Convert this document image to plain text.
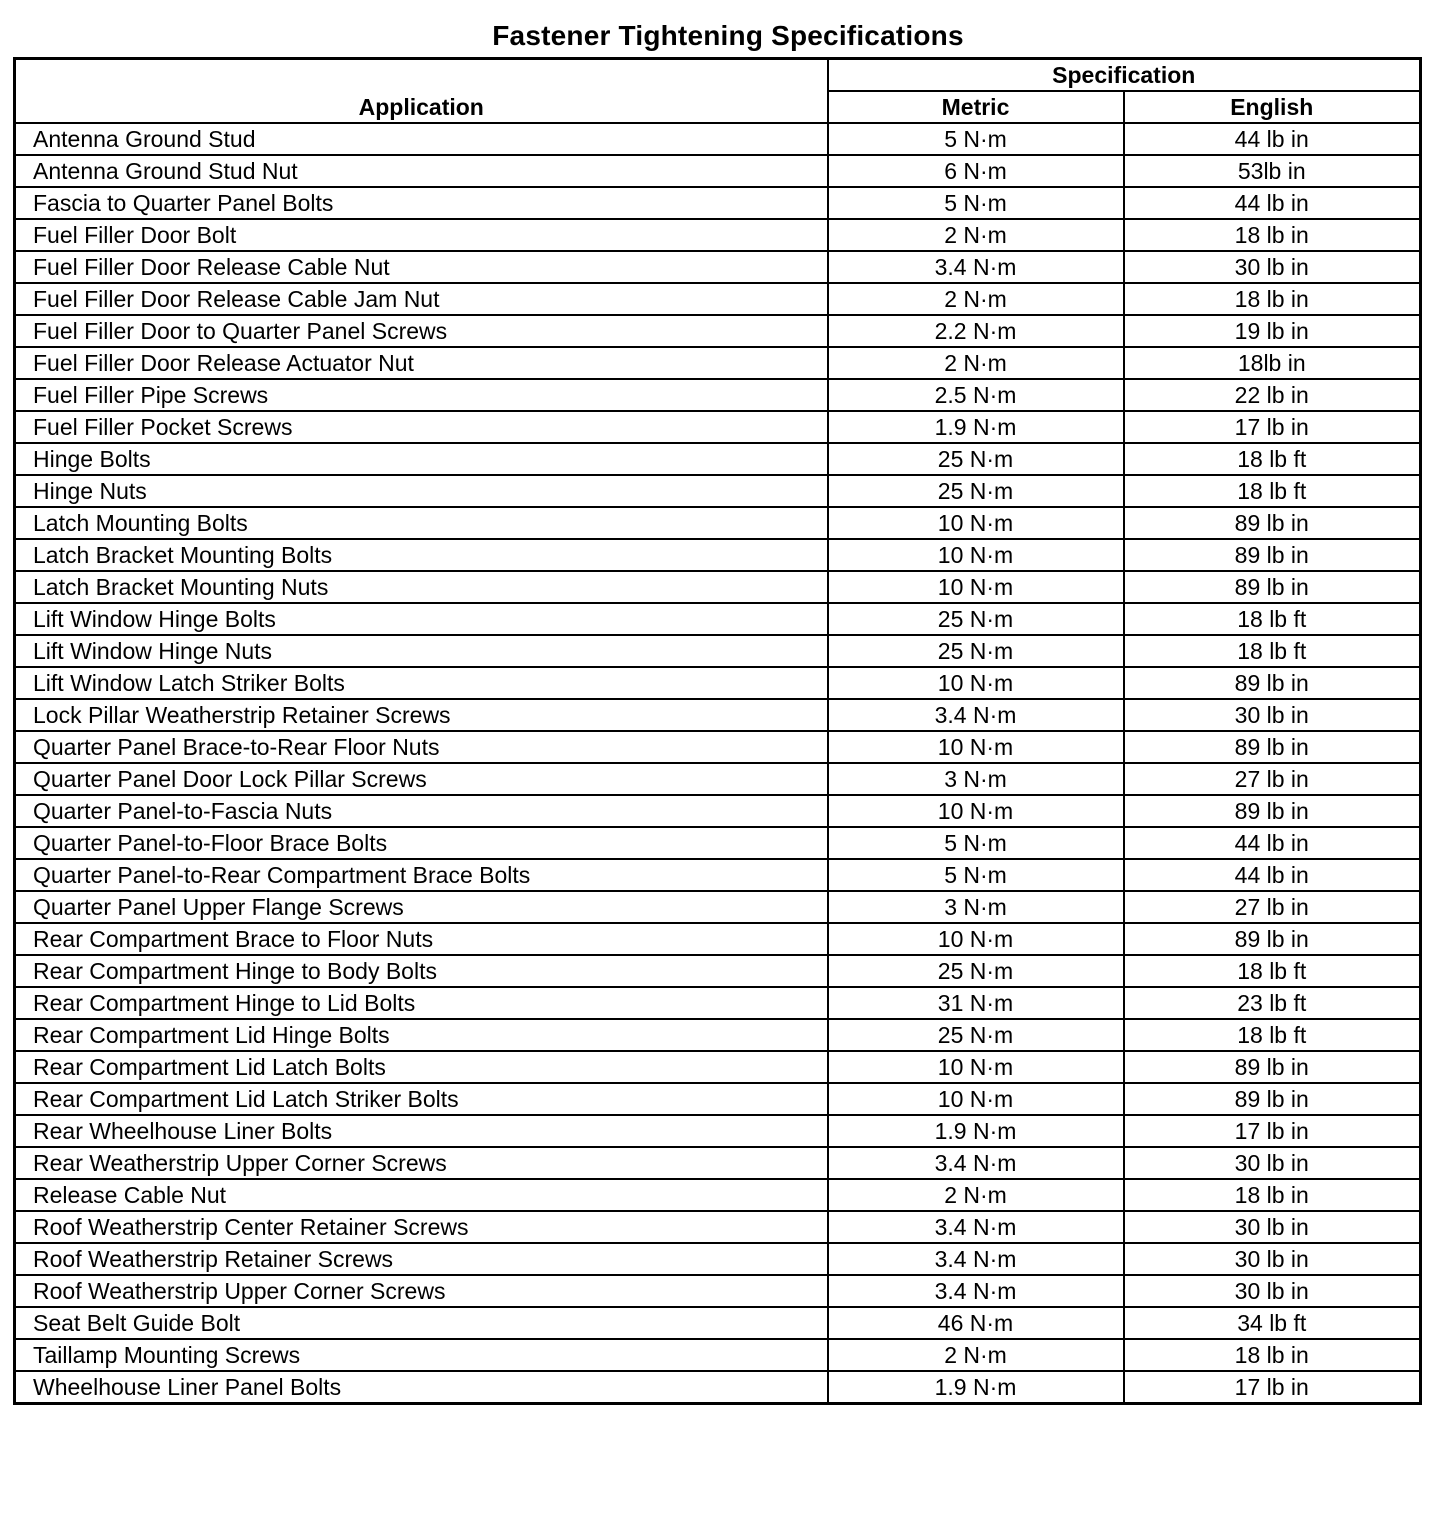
Fastener Tightening Specifications
Application	Specification	
	Metric	English
Antenna Ground Stud	5 N·m	44 lb in
Antenna Ground Stud Nut	6 N·m	53lb in
Fascia to Quarter Panel Bolts	5 N·m	44 lb in
Fuel Filler Door Bolt	2 N·m	18 lb in
Fuel Filler Door Release Cable Nut	3.4 N·m	30 lb in
Fuel Filler Door Release Cable Jam Nut	2 N·m	18 lb in
Fuel Filler Door to Quarter Panel Screws	2.2 N·m	19 lb in
Fuel Filler Door Release Actuator Nut	2 N·m	18lb in
Fuel Filler Pipe Screws	2.5 N·m	22 lb in
Fuel Filler Pocket Screws	1.9 N·m	17 lb in
Hinge Bolts	25 N·m	18 lb ft
Hinge Nuts	25 N·m	18 lb ft
Latch Mounting Bolts	10 N·m	89 lb in
Latch Bracket Mounting Bolts	10 N·m	89 lb in
Latch Bracket Mounting Nuts	10 N·m	89 lb in
Lift Window Hinge Bolts	25 N·m	18 lb ft
Lift Window Hinge Nuts	25 N·m	18 lb ft
Lift Window Latch Striker Bolts	10 N·m	89 lb in
Lock Pillar Weatherstrip Retainer Screws	3.4 N·m	30 lb in
Quarter Panel Brace-to-Rear Floor Nuts	10 N·m	89 lb in
Quarter Panel Door Lock Pillar Screws	3 N·m	27 lb in
Quarter Panel-to-Fascia Nuts	10 N·m	89 lb in
Quarter Panel-to-Floor Brace Bolts	5 N·m	44 lb in
Quarter Panel-to-Rear Compartment Brace Bolts	5 N·m	44 lb in
Quarter Panel Upper Flange Screws	3 N·m	27 lb in
Rear Compartment Brace to Floor Nuts	10 N·m	89 lb in
Rear Compartment Hinge to Body Bolts	25 N·m	18 lb ft
Rear Compartment Hinge to Lid Bolts	31 N·m	23 lb ft
Rear Compartment Lid Hinge Bolts	25 N·m	18 lb ft
Rear Compartment Lid Latch Bolts	10 N·m	89 lb in
Rear Compartment Lid Latch Striker Bolts	10 N·m	89 lb in
Rear Wheelhouse Liner Bolts	1.9 N·m	17 lb in
Rear Weatherstrip Upper Corner Screws	3.4 N·m	30 lb in
Release Cable Nut	2 N·m	18 lb in
Roof Weatherstrip Center Retainer Screws	3.4 N·m	30 lb in
Roof Weatherstrip Retainer Screws	3.4 N·m	30 lb in
Roof Weatherstrip Upper Corner Screws	3.4 N·m	30 lb in
Seat Belt Guide Bolt	46 N·m	34 lb ft
Taillamp Mounting Screws	2 N·m	18 lb in
Wheelhouse Liner Panel Bolts	1.9 N·m	17 lb in
